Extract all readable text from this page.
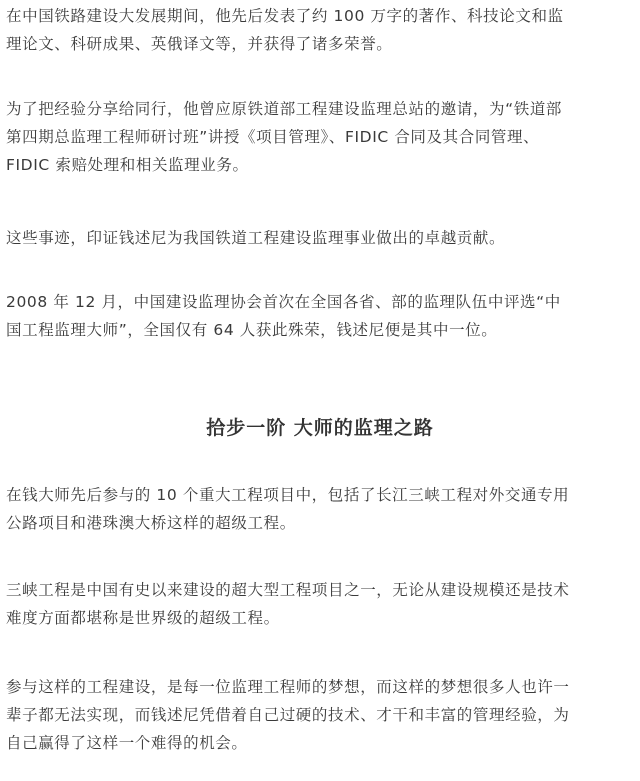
在中国铁路建设大发展期间，他先后发表了约 100 万字的著作、科技论文和监
理论文、科研成果、英俄译文等，并获得了诸多荣誉。

为了把经验分享给同行，他曾应原铁道部工程建设监理总站的邀请，为“铁道部
第四期总监理工程师研讨班”讲授《项目管理》、FIDIC 合同及其合同管理、
FIDIC 索赔处理和相关监理业务。

这些事迹，印证钱述尼为我国铁道工程建设监理事业做出的卓越贡献。

2008 年 12 月，中国建设监理协会首次在全国各省、部的监理队伍中评选“中
国工程监理大师”，全国仅有 64 人获此殊荣，钱述尼便是其中一位。

拾步一阶 大师的监理之路

在钱大师先后参与的 10 个重大工程项目中，包括了长江三峡工程对外交通专用
公路项目和港珠澳大桥这样的超级工程。

三峡工程是中国有史以来建设的超大型工程项目之一，无论从建设规模还是技术
难度方面都堪称是世界级的超级工程。

参与这样的工程建设，是每一位监理工程师的梦想，而这样的梦想很多人也许一
辈子都无法实现，而钱述尼凭借着自己过硬的技术、才干和丰富的管理经验，为
自己赢得了这样一个难得的机会。
